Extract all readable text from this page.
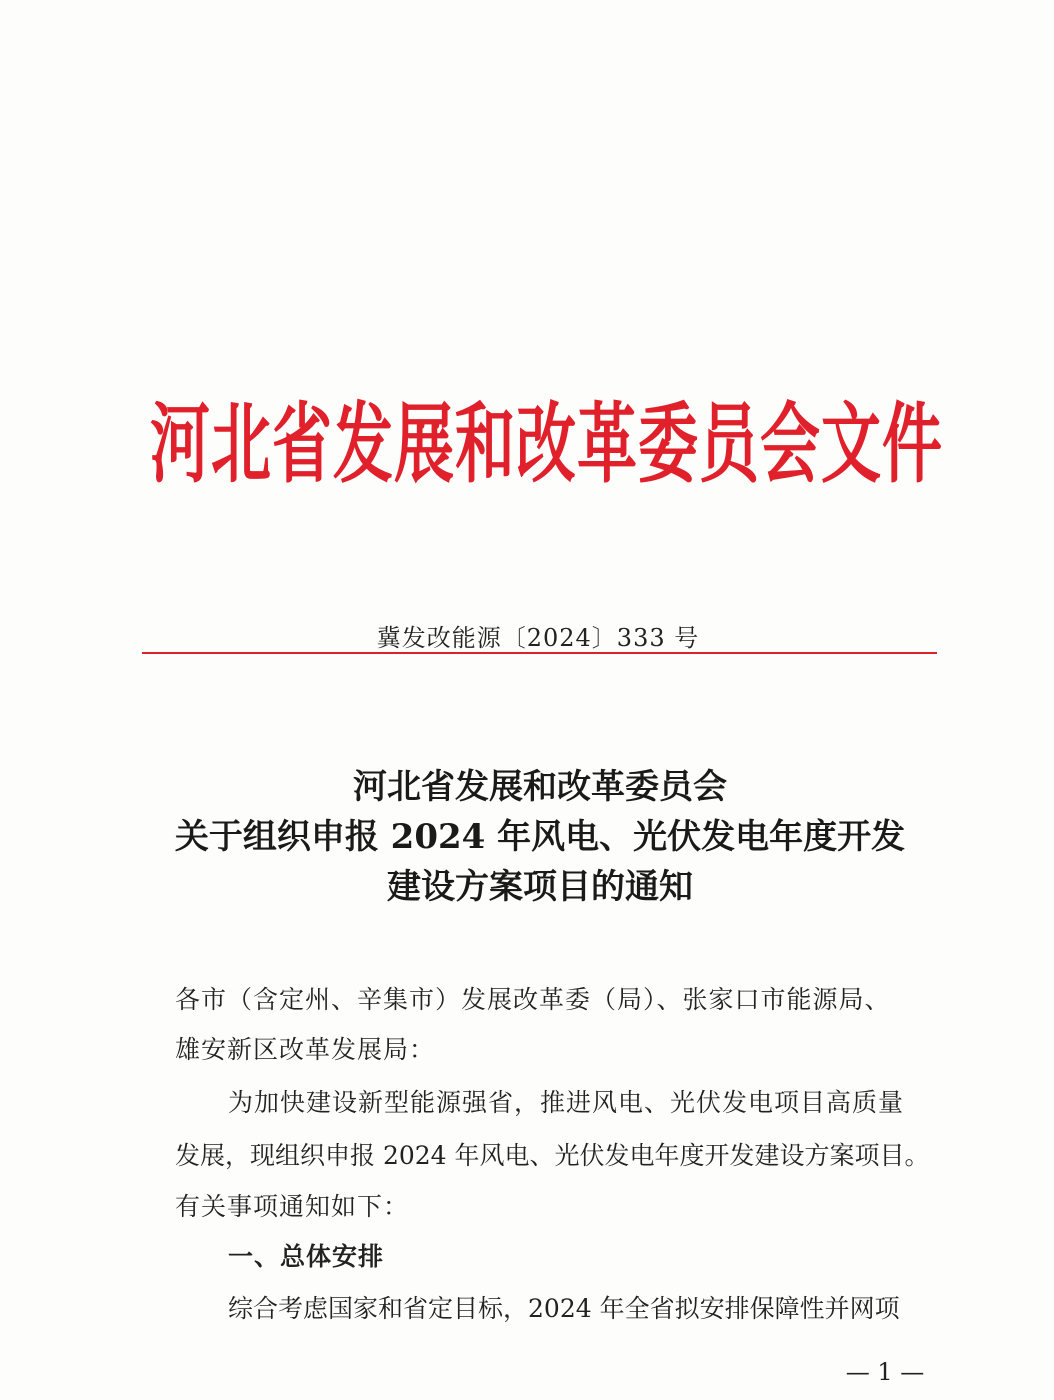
河北省发展和改革委员会文件
冀发改能源〔2024〕333 号
河北省发展和改革委员会
关于组织申报 2024 年风电、光伏发电年度开发
建设方案项目的通知
各市（含定州、辛集市）发展改革委（局）、张家口市能源局、
雄安新区改革发展局：
为加快建设新型能源强省，推进风电、光伏发电项目高质量
发展，现组织申报 2024 年风电、光伏发电年度开发建设方案项目。
有关事项通知如下：
一、总体安排
综合考虑国家和省定目标，2024 年全省拟安排保障性并网项
— 1 —
